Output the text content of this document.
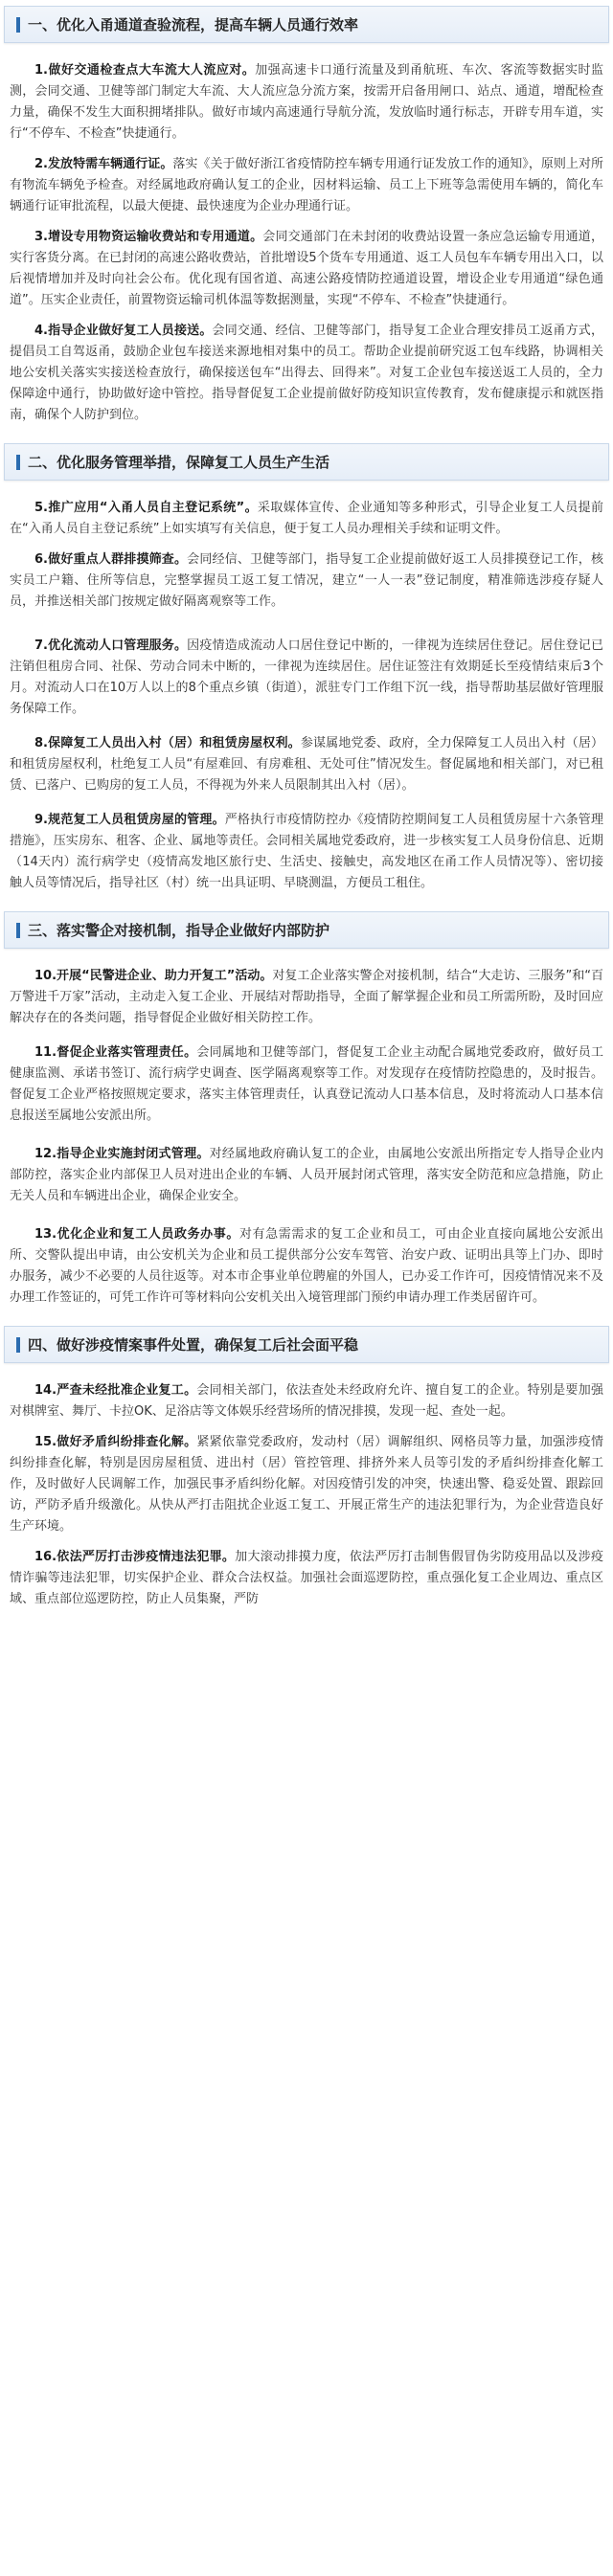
一、优化入甬通道查验流程，提高车辆人员通行效率

1.做好交通检查点大车流大人流应对。加强高速卡口通行流量及到甬航班、车次、客流等数据实时监测，会同交通、卫健等部门制定大车流、大人流应急分流方案，按需开启备用闸口、站点、通道，增配检查力量，确保不发生大面积拥堵排队。做好市域内高速通行导航分流，发放临时通行标志，开辟专用车道，实行“不停车、不检查”快捷通行。

2.发放特需车辆通行证。落实《关于做好浙江省疫情防控车辆专用通行证发放工作的通知》，原则上对所有物流车辆免予检查。对经属地政府确认复工的企业，因材料运输、员工上下班等急需使用车辆的，简化车辆通行证审批流程，以最大便捷、最快速度为企业办理通行证。

3.增设专用物资运输收费站和专用通道。会同交通部门在未封闭的收费站设置一条应急运输专用通道，实行客货分离。在已封闭的高速公路收费站，首批增设5个货车专用通道、返工人员包车车辆专用出入口，以后视情增加并及时向社会公布。优化现有国省道、高速公路疫情防控通道设置，增设企业专用通道“绿色通道”。压实企业责任，前置物资运输司机体温等数据测量，实现“不停车、不检查”快捷通行。

4.指导企业做好复工人员接送。会同交通、经信、卫健等部门，指导复工企业合理安排员工返甬方式，提倡员工自驾返甬，鼓励企业包车接送来源地相对集中的员工。帮助企业提前研究返工包车线路，协调相关地公安机关落实实接送检查放行，确保接送包车“出得去、回得来”。对复工企业包车接送返工人员的，全力保障途中通行，协助做好途中管控。指导督促复工企业提前做好防疫知识宣传教育，发布健康提示和就医指南，确保个人防护到位。

二、优化服务管理举措，保障复工人员生产生活

5.推广应用“入甬人员自主登记系统”。采取媒体宣传、企业通知等多种形式，引导企业复工人员提前在“入甬人员自主登记系统”上如实填写有关信息，便于复工人员办理相关手续和证明文件。

6.做好重点人群排摸筛查。会同经信、卫健等部门，指导复工企业提前做好返工人员排摸登记工作，核实员工户籍、住所等信息，完整掌握员工返工复工情况，建立“一人一表”登记制度，精准筛选涉疫存疑人员，并推送相关部门按规定做好隔离观察等工作。

7.优化流动人口管理服务。因疫情造成流动人口居住登记中断的，一律视为连续居住登记。居住登记已注销但租房合同、社保、劳动合同未中断的，一律视为连续居住。居住证签注有效期延长至疫情结束后3个月。对流动人口在10万人以上的8个重点乡镇（街道），派驻专门工作组下沉一线，指导帮助基层做好管理服务保障工作。

8.保障复工人员出入村（居）和租赁房屋权利。参谋属地党委、政府，全力保障复工人员出入村（居）和租赁房屋权利，杜绝复工人员“有屋难回、有房难租、无处可住”情况发生。督促属地和相关部门，对已租赁、已落户、已购房的复工人员，不得视为外来人员限制其出入村（居）。

9.规范复工人员租赁房屋的管理。严格执行市疫情防控办《疫情防控期间复工人员租赁房屋十六条管理措施》，压实房东、租客、企业、属地等责任。会同相关属地党委政府，进一步核实复工人员身份信息、近期（14天内）流行病学史（疫情高发地区旅行史、生活史、接触史，高发地区在甬工作人员情况等）、密切接触人员等情况后，指导社区（村）统一出具证明、早晓测温，方便员工租住。

三、落实警企对接机制，指导企业做好内部防护

10.开展“民警进企业、助力开复工”活动。对复工企业落实警企对接机制，结合“大走访、三服务”和“百万警进千万家”活动，主动走入复工企业、开展结对帮助指导，全面了解掌握企业和员工所需所盼，及时回应解决存在的各类问题，指导督促企业做好相关防控工作。

11.督促企业落实管理责任。会同属地和卫健等部门，督促复工企业主动配合属地党委政府，做好员工健康监测、承诺书签订、流行病学史调查、医学隔离观察等工作。对发现存在疫情防控隐患的，及时报告。督促复工企业严格按照规定要求，落实主体管理责任，认真登记流动人口基本信息，及时将流动人口基本信息报送至属地公安派出所。

12.指导企业实施封闭式管理。对经属地政府确认复工的企业，由属地公安派出所指定专人指导企业内部防控，落实企业内部保卫人员对进出企业的车辆、人员开展封闭式管理，落实安全防范和应急措施，防止无关人员和车辆进出企业，确保企业安全。

13.优化企业和复工人员政务办事。对有急需需求的复工企业和员工，可由企业直接向属地公安派出所、交警队提出申请，由公安机关为企业和员工提供部分公安车驾管、治安户政、证明出具等上门办、即时办服务，减少不必要的人员往返等。对本市企事业单位聘雇的外国人，已办妥工作许可，因疫情情况来不及办理工作签证的，可凭工作许可等材料向公安机关出入境管理部门预约申请办理工作类居留许可。

四、做好涉疫情案事件处置，确保复工后社会面平稳

14.严查未经批准企业复工。会同相关部门，依法查处未经政府允许、擅自复工的企业。特别是要加强对棋牌室、舞厅、卡拉OK、足浴店等文体娱乐经营场所的情况排摸，发现一起、查处一起。

15.做好矛盾纠纷排查化解。紧紧依靠党委政府，发动村（居）调解组织、网格员等力量，加强涉疫情纠纷排查化解，特别是因房屋租赁、进出村（居）管控管理、排挤外来人员等引发的矛盾纠纷排查化解工作，及时做好人民调解工作，加强民事矛盾纠纷化解。对因疫情引发的冲突，快速出警、稳妥处置、跟踪回访，严防矛盾升级激化。从快从严打击阻扰企业返工复工、开展正常生产的违法犯罪行为，为企业营造良好生产环境。

16.依法严厉打击涉疫情违法犯罪。加大滚动排摸力度，依法严厉打击制售假冒伪劣防疫用品以及涉疫情诈骗等违法犯罪，切实保护企业、群众合法权益。加强社会面巡逻防控，重点强化复工企业周边、重点区域、重点部位巡逻防控，防止人员集聚，严防
